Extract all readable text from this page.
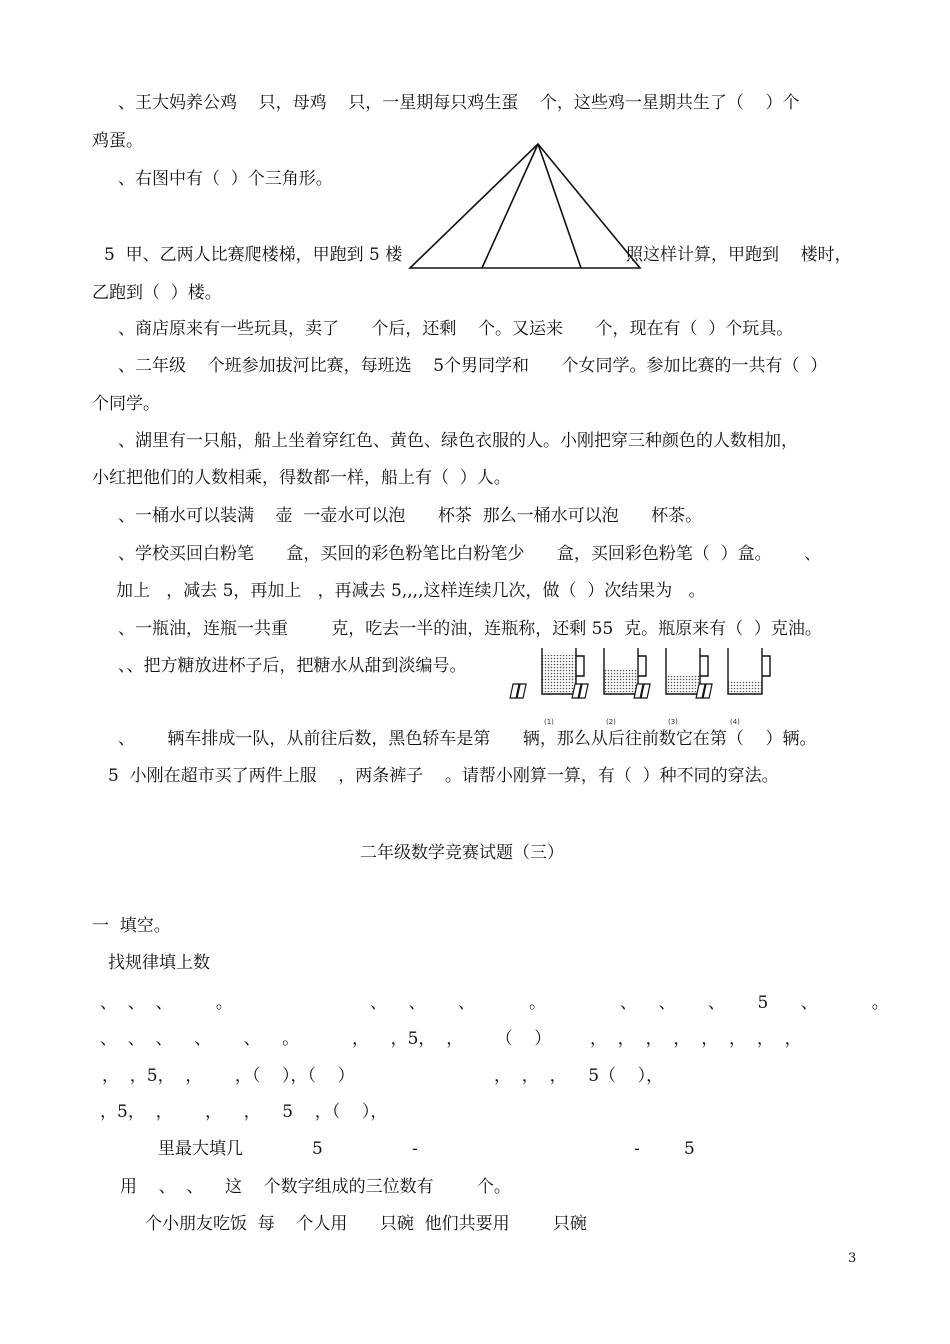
、王大妈养公鸡    只，母鸡    只，一星期每只鸡生蛋    个，这些鸡一星期共生了（    ）个
鸡蛋。
、右图中有（  ）个三角形。
5  甲、乙两人比赛爬楼梯，甲跑到 5 楼	照这样计算，甲跑到    楼时，
乙跑到（  ）楼。
、商店原来有一些玩具，卖了      个后，还剩    个。又运来      个，现在有（  ）个玩具。
、二年级    个班参加拔河比赛，每班选    5个男同学和      个女同学。参加比赛的一共有（  ）
个同学。
、湖里有一只船，船上坐着穿红色、黄色、绿色衣服的人。小刚把穿三种颜色的人数相加，
小红把他们的人数相乘，得数都一样，船上有（  ）人。
、一桶水可以装满    壶  一壶水可以泡      杯茶  那么一桶水可以泡      杯茶。
、学校买回白粉笔      盒，买回的彩色粉笔比白粉笔少      盒，买回彩色粉笔（  ）盒。      、
加上   ，减去 5，再加上   ，再减去 5,,,,这样连续几次，做（  ）次结果为   。
、一瓶油，连瓶一共重        克，吃去一半的油，连瓶称，还剩 55  克。瓶原来有（  ）克油。
、、把方糖放进杯子后，把糖水从甜到淡编号。
(1)	(2)	(3)	(4)
、      辆车排成一队，从前往后数，黑色轿车是第      辆，那么从后往前数它在第（    ）辆。
5  小刚在超市买了两件上服    ，两条裤子    。请帮小刚算一算，有（  ）种不同的穿法。
二年级数学竞赛试题（三）
一  填空。
找规律填上数
、  、  、        。	、    、      、          。	、    、      、      5      、          。
、  、  、    、      、    。	，    ，5，  ，      （    ） ，  ，  ，  ，  ，  ，  ，  ，
，  ，5，  ，      ，（    ），（    ）	，  ，  ，    5（    ），
，5，  ，      ，    ，    5    ，（    ），
里最大填几	5	-	-	5
用    、  、    这    个数字组成的三位数有        个。
个小朋友吃饭  每    个人用      只碗  他们共要用        只碗
3
